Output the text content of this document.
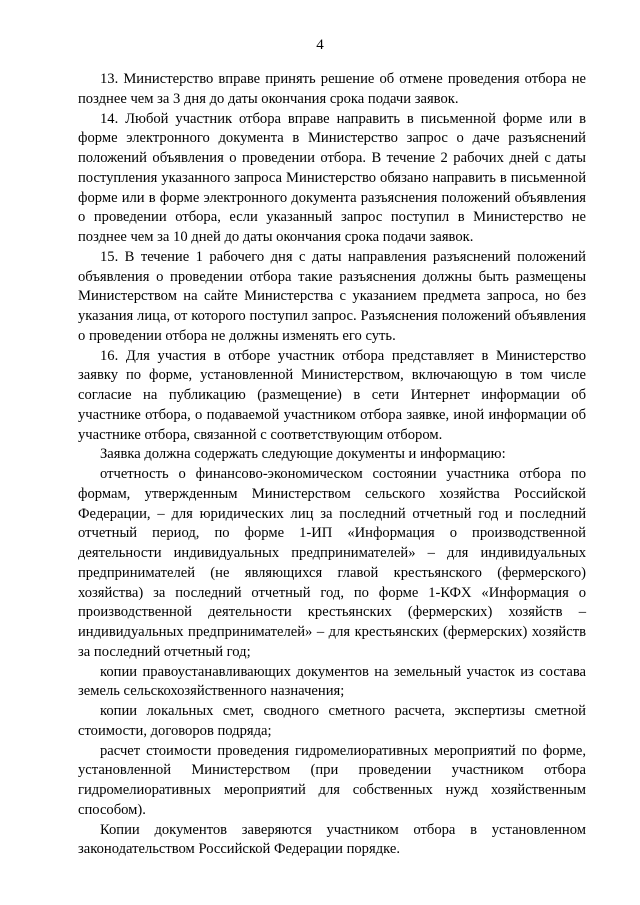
4

13. Министерство вправе принять решение об отмене проведения отбора не позднее чем за 3 дня до даты окончания срока подачи заявок.

14. Любой участник отбора вправе направить в письменной форме или в форме электронного документа в Министерство запрос о даче разъяснений положений объявления о проведении отбора. В течение 2 рабочих дней с даты поступления указанного запроса Министерство обязано направить в письменной форме или в форме электронного документа разъяснения положений объявления о проведении отбора, если указанный запрос поступил в Министерство не позднее чем за 10 дней до даты окончания срока подачи заявок.

15. В течение 1 рабочего дня с даты направления разъяснений положений объявления о проведении отбора такие разъяснения должны быть размещены Министерством на сайте Министерства с указанием предмета запроса, но без указания лица, от которого поступил запрос. Разъяснения положений объявления о проведении отбора не должны изменять его суть.

16. Для участия в отборе участник отбора представляет в Министерство заявку по форме, установленной Министерством, включающую в том числе согласие на публикацию (размещение) в сети Интернет информации об участнике отбора, о подаваемой участником отбора заявке, иной информации об участнике отбора, связанной с соответствующим отбором.

Заявка должна содержать следующие документы и информацию:

отчетность о финансово-экономическом состоянии участника отбора по формам, утвержденным Министерством сельского хозяйства Российской Федерации, – для юридических лиц за последний отчетный год и последний отчетный период, по форме 1-ИП «Информация о производственной деятельности индивидуальных предпринимателей» – для индивидуальных предпринимателей (не являющихся главой крестьянского (фермерского) хозяйства) за последний отчетный год, по форме 1-КФХ «Информация о производственной деятельности крестьянских (фермерских) хозяйств – индивидуальных предпринимателей» – для крестьянских (фермерских) хозяйств за последний отчетный год;

копии правоустанавливающих документов на земельный участок из состава земель сельскохозяйственного назначения;

копии локальных смет, сводного сметного расчета, экспертизы сметной стоимости, договоров подряда;

расчет стоимости проведения гидромелиоративных мероприятий по форме, установленной Министерством (при проведении участником отбора гидромелиоративных мероприятий для собственных нужд хозяйственным способом).

Копии документов заверяются участником отбора в установленном законодательством Российской Федерации порядке.
